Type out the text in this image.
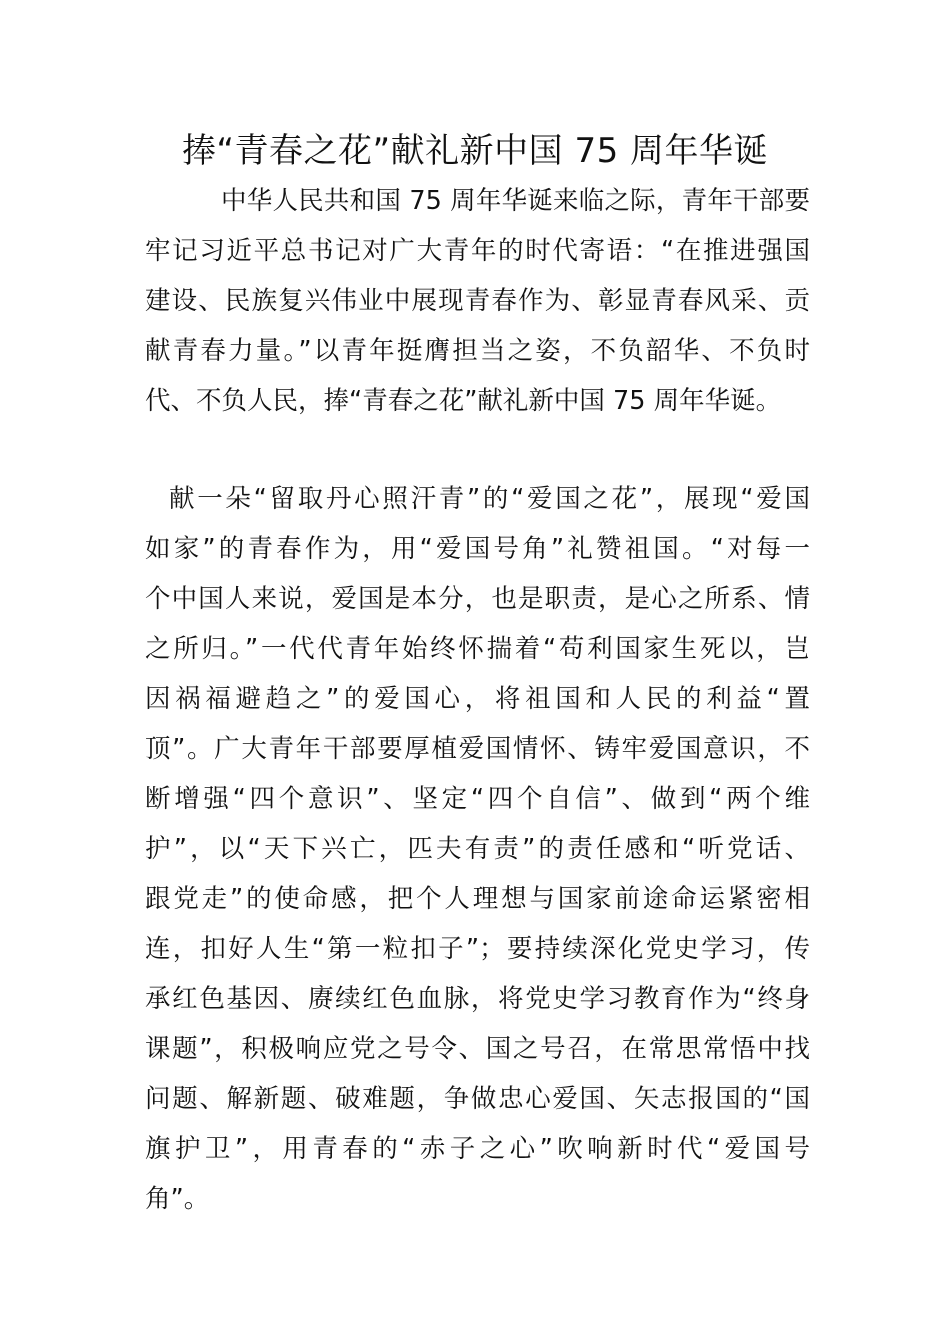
捧“青春之花”献礼新中国 75 周年华诞
中华人民共和国 75 周年华诞来临之际，青年干部要
牢记习近平总书记对广大青年的时代寄语：“在推进强国
建设、民族复兴伟业中展现青春作为、彰显青春风采、贡
献青春力量。”以青年挺膺担当之姿，不负韶华、不负时
代、不负人民，捧“青春之花”献礼新中国 75 周年华诞。
献一朵“留取丹心照汗青”的“爱国之花”，展现“爱国
如家”的青春作为，用“爱国号角”礼赞祖国。“对每一
个中国人来说，爱国是本分，也是职责，是心之所系、情
之所归。”一代代青年始终怀揣着“苟利国家生死以，岂
因祸福避趋之”的爱国心，将祖国和人民的利益“置
顶”。广大青年干部要厚植爱国情怀、铸牢爱国意识，不
断增强“四个意识”、坚定“四个自信”、做到“两个维
护”，以“天下兴亡，匹夫有责”的责任感和“听党话、
跟党走”的使命感，把个人理想与国家前途命运紧密相
连，扣好人生“第一粒扣子”；要持续深化党史学习，传
承红色基因、赓续红色血脉，将党史学习教育作为“终身
课题”，积极响应党之号令、国之号召，在常思常悟中找
问题、解新题、破难题，争做忠心爱国、矢志报国的“国
旗护卫”，用青春的“赤子之心”吹响新时代“爱国号
角”。
